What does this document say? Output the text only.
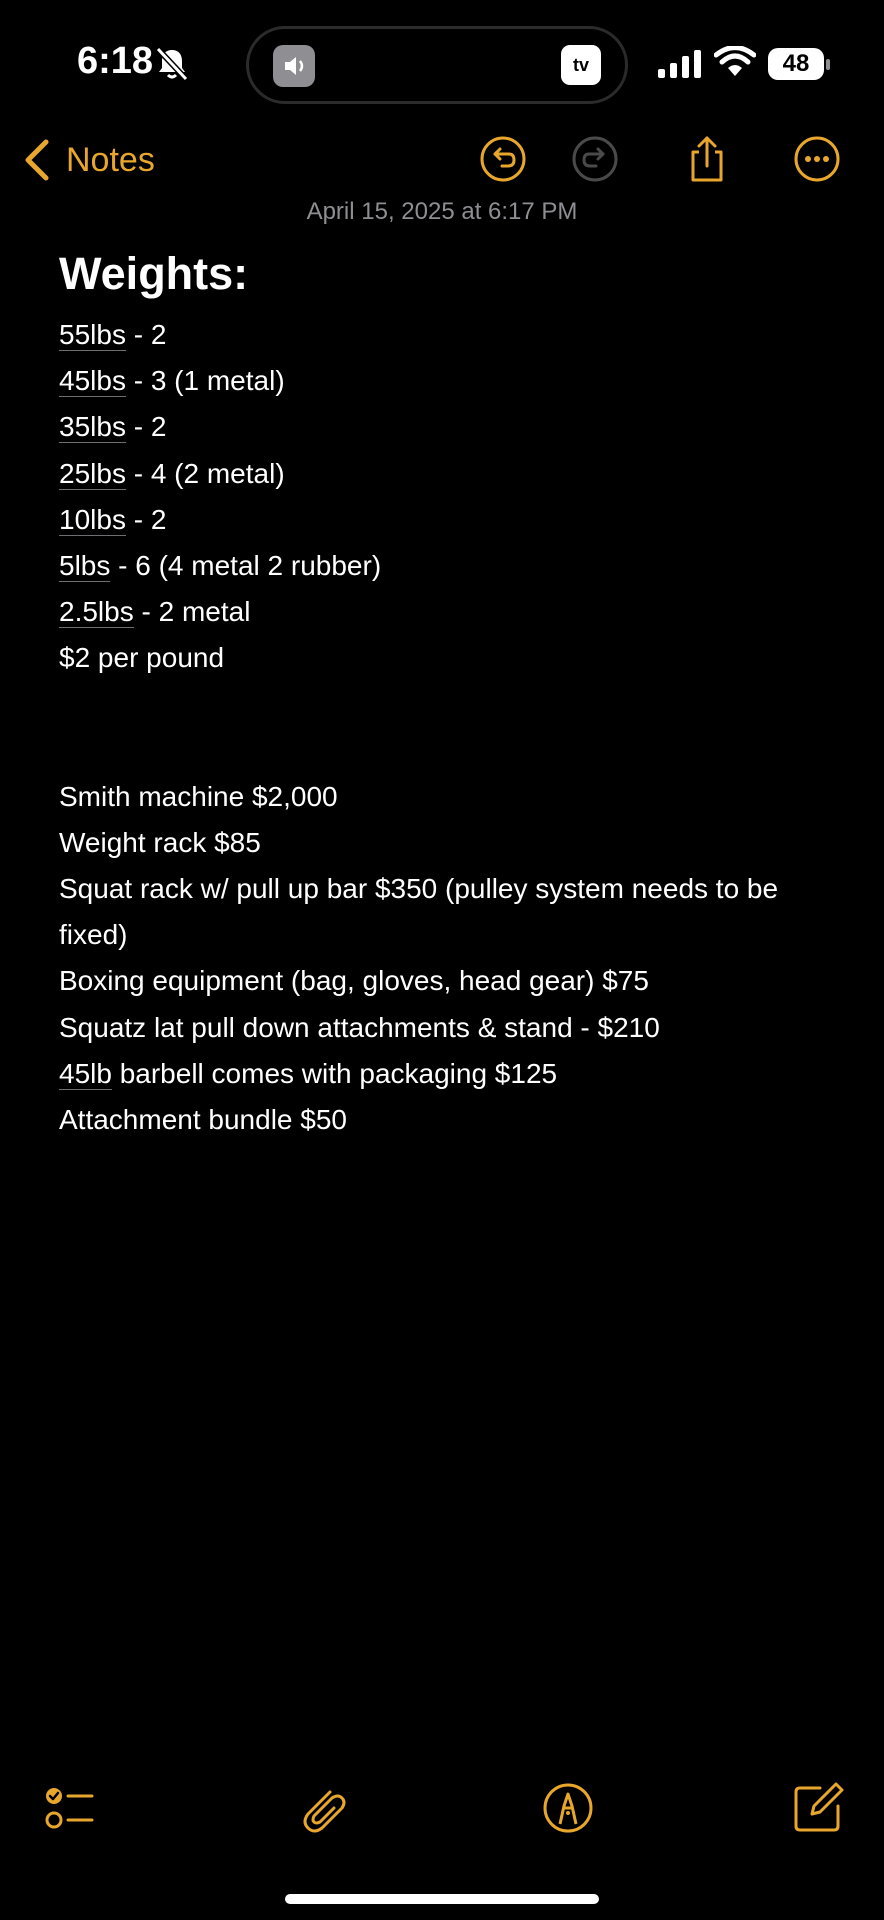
6:18	tv	48
Notes
April 15, 2025 at 6:17 PM
Weights:

55lbs - 2

45lbs - 3 (1 metal)

35lbs - 2

25lbs - 4 (2 metal)

10lbs - 2

5lbs - 6 (4 metal 2 rubber)

2.5lbs - 2 metal

$2 per pound

Smith machine $2,000

Weight rack $85

Squat rack w/ pull up bar $350 (pulley system needs to be

fixed)

Boxing equipment (bag, gloves, head gear) $75

Squatz lat pull down attachments & stand - $210

45lb barbell comes with packaging $125

Attachment bundle $50
